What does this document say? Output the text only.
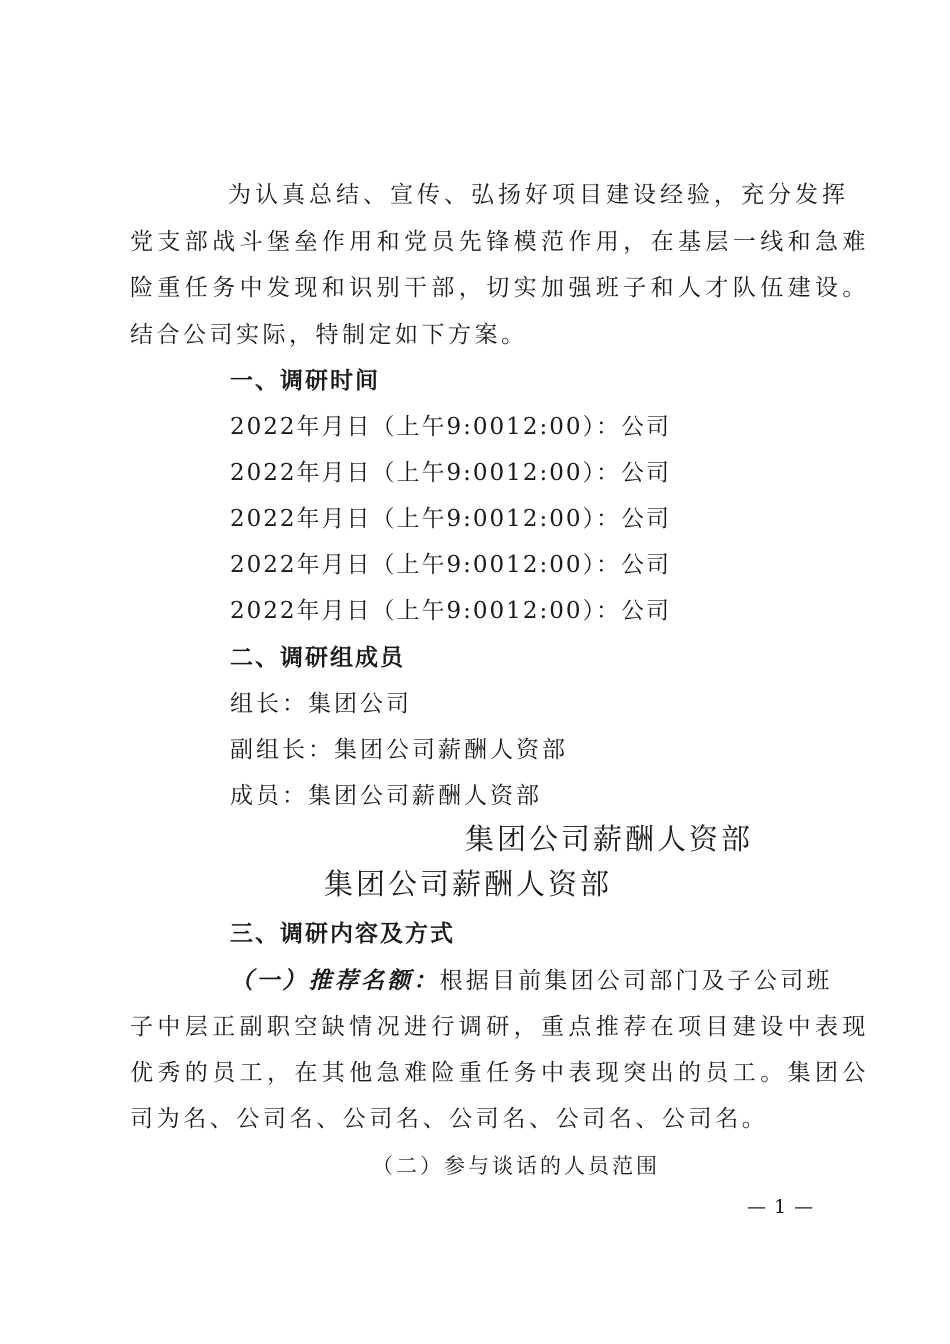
为认真总结、宣传、弘扬好项目建设经验，充分发挥
党支部战斗堡垒作用和党员先锋模范作用，在基层一线和急难
险重任务中发现和识别干部，切实加强班子和人才队伍建设。
结合公司实际，特制定如下方案。
一、调研时间
2022年月日（上午9:0012:00）：公司
2022年月日（上午9:0012:00）：公司
2022年月日（上午9:0012:00）：公司
2022年月日（上午9:0012:00）：公司
2022年月日（上午9:0012:00）：公司
二、调研组成员
组长：集团公司
副组长：集团公司薪酬人资部
成员：集团公司薪酬人资部
集团公司薪酬人资部
集团公司薪酬人资部
三、调研内容及方式
（一）推荐名额：根据目前集团公司部门及子公司班
子中层正副职空缺情况进行调研，重点推荐在项目建设中表现
优秀的员工，在其他急难险重任务中表现突出的员工。集团公
司为名、公司名、公司名、公司名、公司名、公司名。
（二）参与谈话的人员范围
— 1 —
